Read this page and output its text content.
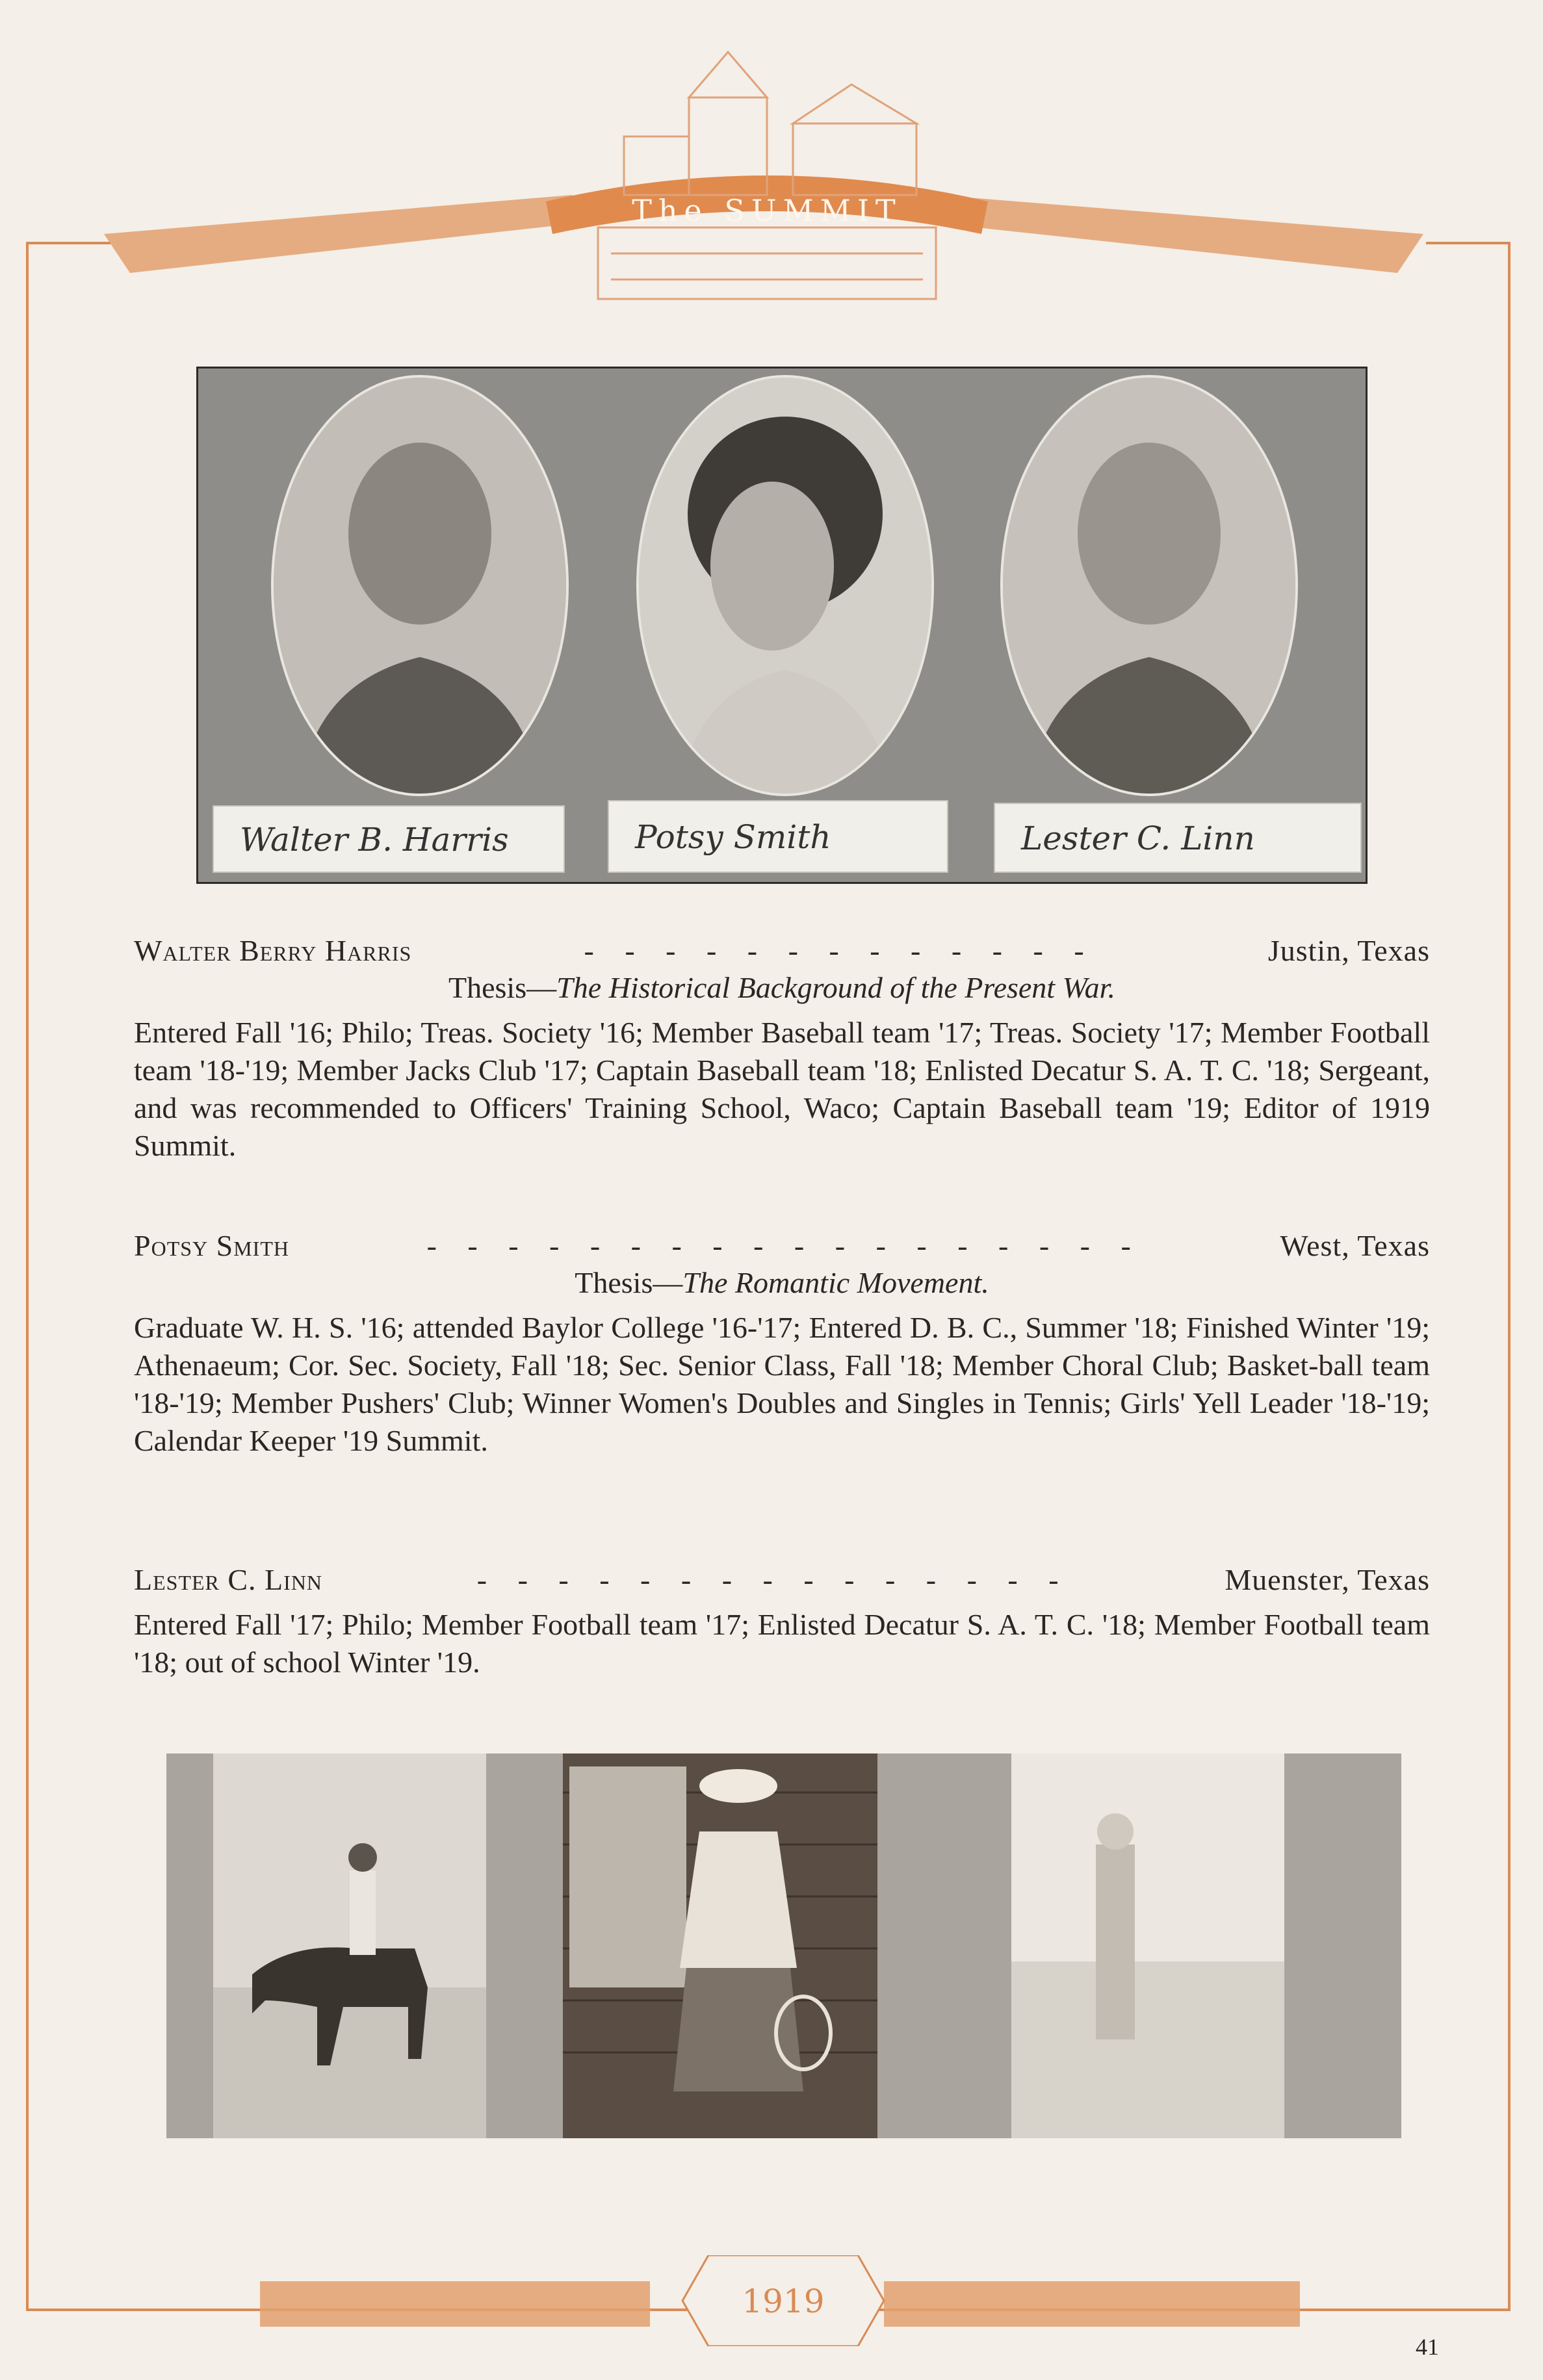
The SUMMIT
Walter B. Harris	Potsy Smith	Lester C. Linn
Walter Berry Harris	- - - - - - - - - - - - -	Justin, Texas
Thesis—The Historical Background of the Present War.
Entered Fall '16; Philo; Treas. Society '16; Member Baseball team '17; Treas. Society '17; Member Football team '18-'19; Member Jacks Club '17; Captain Baseball team '18; Enlisted Decatur S. A. T. C. '18; Sergeant, and was recommended to Officers' Training School, Waco; Captain Baseball team '19; Editor of 1919 Summit.
Potsy Smith	- - - - - - - - - - - - - - - - - -	West, Texas
Thesis—The Romantic Movement.
Graduate W. H. S. '16; attended Baylor College '16-'17; Entered D. B. C., Summer '18; Finished Winter '19; Athenaeum; Cor. Sec. Society, Fall '18; Sec. Senior Class, Fall '18; Member Choral Club; Basket-ball team '18-'19; Member Pushers' Club; Winner Women's Doubles and Singles in Tennis; Girls' Yell Leader '18-'19; Calendar Keeper '19 Summit.
Lester C. Linn	- - - - - - - - - - - - - - -	Muenster, Texas
Entered Fall '17; Philo; Member Football team '17; Enlisted Decatur S. A. T. C. '18; Member Football team '18; out of school Winter '19.
1919
41
